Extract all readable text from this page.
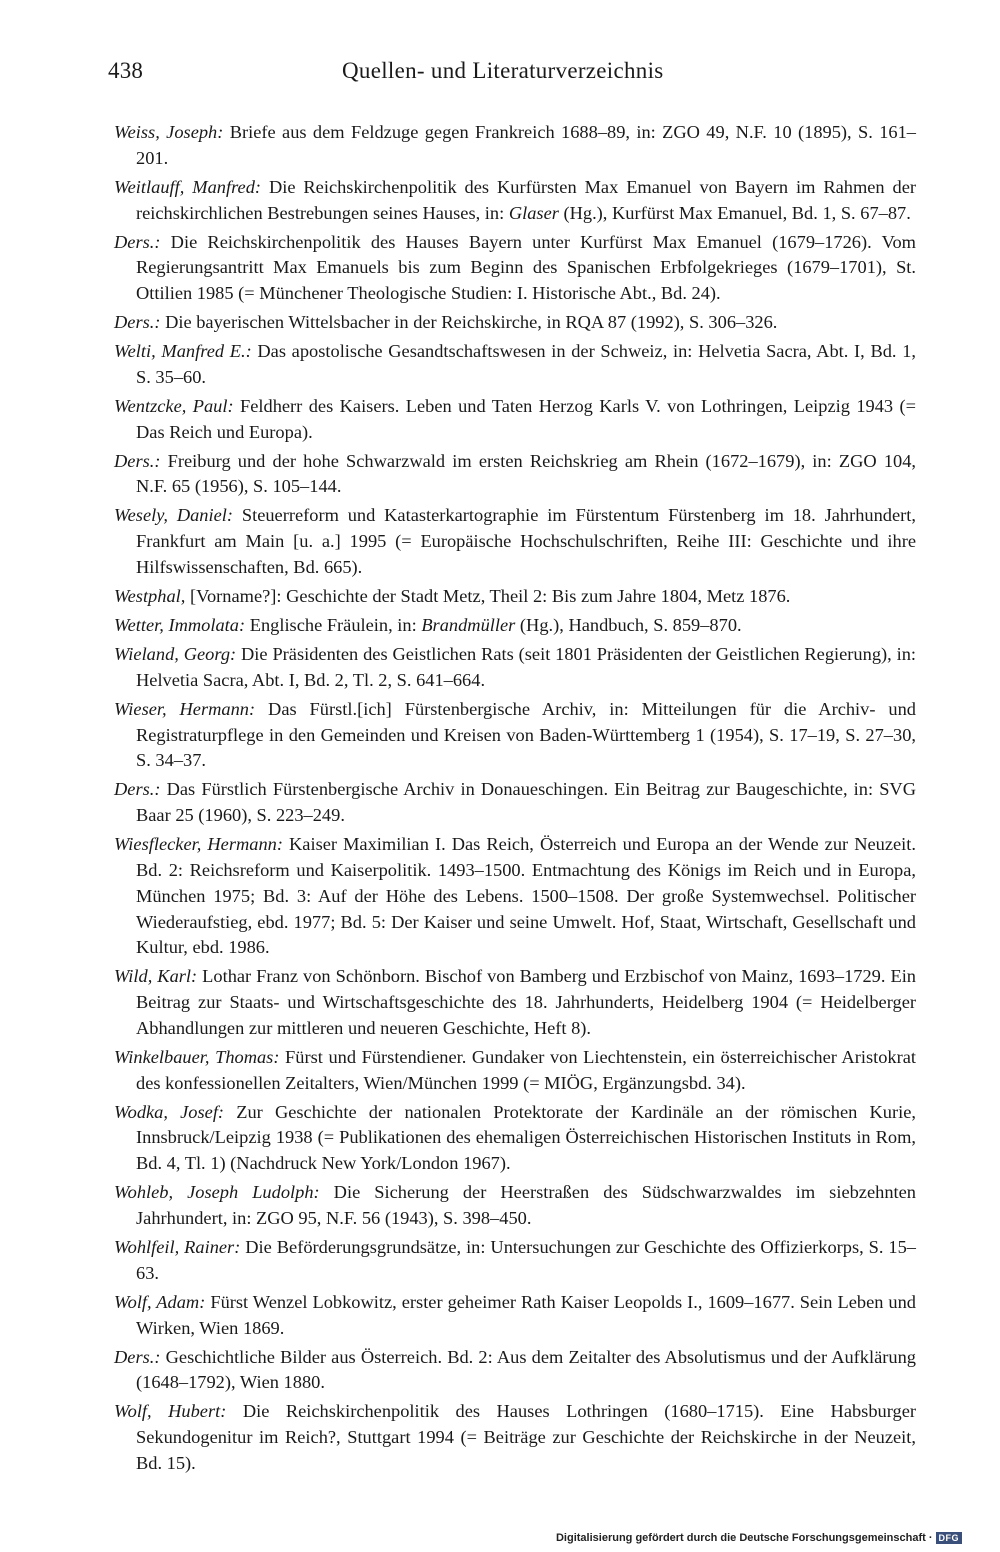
438	Quellen- und Literaturverzeichnis

Weiss, Joseph: Briefe aus dem Feldzuge gegen Frankreich 1688–89, in: ZGO 49, N.F. 10 (1895), S. 161–201.

Weitlauff, Manfred: Die Reichskirchenpolitik des Kurfürsten Max Emanuel von Bayern im Rahmen der reichskirchlichen Bestrebungen seines Hauses, in: Glaser (Hg.), Kurfürst Max Emanuel, Bd. 1, S. 67–87.

Ders.: Die Reichskirchenpolitik des Hauses Bayern unter Kurfürst Max Emanuel (1679–1726). Vom Regierungsantritt Max Emanuels bis zum Beginn des Spanischen Erbfolgekrieges (1679–1701), St. Ottilien 1985 (= Münchener Theologische Studien: I. Historische Abt., Bd. 24).

Ders.: Die bayerischen Wittelsbacher in der Reichskirche, in RQA 87 (1992), S. 306–326.

Welti, Manfred E.: Das apostolische Gesandtschaftswesen in der Schweiz, in: Helvetia Sacra, Abt. I, Bd. 1, S. 35–60.

Wentzcke, Paul: Feldherr des Kaisers. Leben und Taten Herzog Karls V. von Lothringen, Leipzig 1943 (= Das Reich und Europa).

Ders.: Freiburg und der hohe Schwarzwald im ersten Reichskrieg am Rhein (1672–1679), in: ZGO 104, N.F. 65 (1956), S. 105–144.

Wesely, Daniel: Steuerreform und Katasterkartographie im Fürstentum Fürstenberg im 18. Jahrhundert, Frankfurt am Main [u. a.] 1995 (= Europäische Hochschulschriften, Reihe III: Geschichte und ihre Hilfswissenschaften, Bd. 665).

Westphal, [Vorname?]: Geschichte der Stadt Metz, Theil 2: Bis zum Jahre 1804, Metz 1876.

Wetter, Immolata: Englische Fräulein, in: Brandmüller (Hg.), Handbuch, S. 859–870.

Wieland, Georg: Die Präsidenten des Geistlichen Rats (seit 1801 Präsidenten der Geistlichen Regierung), in: Helvetia Sacra, Abt. I, Bd. 2, Tl. 2, S. 641–664.

Wieser, Hermann: Das Fürstl.[ich] Fürstenbergische Archiv, in: Mitteilungen für die Archiv- und Registraturpflege in den Gemeinden und Kreisen von Baden-Württemberg 1 (1954), S. 17–19, S. 27–30, S. 34–37.

Ders.: Das Fürstlich Fürstenbergische Archiv in Donaueschingen. Ein Beitrag zur Baugeschichte, in: SVG Baar 25 (1960), S. 223–249.

Wiesflecker, Hermann: Kaiser Maximilian I. Das Reich, Österreich und Europa an der Wende zur Neuzeit. Bd. 2: Reichsreform und Kaiserpolitik. 1493–1500. Entmachtung des Königs im Reich und in Europa, München 1975; Bd. 3: Auf der Höhe des Lebens. 1500–1508. Der große Systemwechsel. Politischer Wiederaufstieg, ebd. 1977; Bd. 5: Der Kaiser und seine Umwelt. Hof, Staat, Wirtschaft, Gesellschaft und Kultur, ebd. 1986.

Wild, Karl: Lothar Franz von Schönborn. Bischof von Bamberg und Erzbischof von Mainz, 1693–1729. Ein Beitrag zur Staats- und Wirtschaftsgeschichte des 18. Jahrhunderts, Heidelberg 1904 (= Heidelberger Abhandlungen zur mittleren und neueren Geschichte, Heft 8).

Winkelbauer, Thomas: Fürst und Fürstendiener. Gundaker von Liechtenstein, ein österreichischer Aristokrat des konfessionellen Zeitalters, Wien/München 1999 (= MIÖG, Ergänzungsbd. 34).

Wodka, Josef: Zur Geschichte der nationalen Protektorate der Kardinäle an der römischen Kurie, Innsbruck/Leipzig 1938 (= Publikationen des ehemaligen Österreichischen Historischen Instituts in Rom, Bd. 4, Tl. 1) (Nachdruck New York/London 1967).

Wohleb, Joseph Ludolph: Die Sicherung der Heerstraßen des Südschwarzwaldes im siebzehnten Jahrhundert, in: ZGO 95, N.F. 56 (1943), S. 398–450.

Wohlfeil, Rainer: Die Beförderungsgrundsätze, in: Untersuchungen zur Geschichte des Offizierkorps, S. 15–63.

Wolf, Adam: Fürst Wenzel Lobkowitz, erster geheimer Rath Kaiser Leopolds I., 1609–1677. Sein Leben und Wirken, Wien 1869.

Ders.: Geschichtliche Bilder aus Österreich. Bd. 2: Aus dem Zeitalter des Absolutismus und der Aufklärung (1648–1792), Wien 1880.

Wolf, Hubert: Die Reichskirchenpolitik des Hauses Lothringen (1680–1715). Eine Habsburger Sekundogenitur im Reich?, Stuttgart 1994 (= Beiträge zur Geschichte der Reichskirche in der Neuzeit, Bd. 15).

Digitalisierung gefördert durch die Deutsche Forschungsgemeinschaft · DFG
